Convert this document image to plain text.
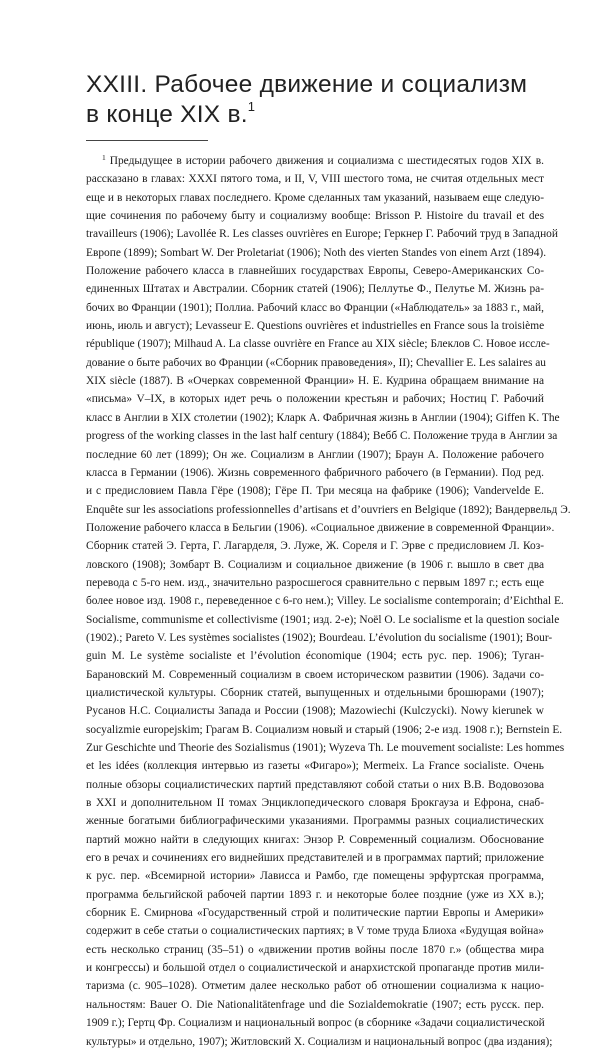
XXIII. Рабочее движение и социализм
в конце XIX в.$^1$
$^1$ Предыдущее в истории рабочего движения и социализма с шестидесятых годов XIX в.
рассказано в главах: XXXI пятого тома, и II, V, VIII шестого тома, не считая отдельных мест
еще и в некоторых главах последнего. Кроме сделанных там указаний, называем еще следую-
щие сочинения по рабочему быту и социализму вообще: Brisson P. Histoire du travail et des
travailleurs (1906); Lavollée R. Les classes ouvrières en Europe; Геркнер Г. Рабочий труд в Западной
Европе (1899); Sombart W. Der Proletariat (1906); Noth des vierten Standes von einem Arzt (1894).
Положение рабочего класса в главнейших государствах Европы, Северо-Американских Со-
единенных Штатах и Австралии. Сборник статей (1906); Пеллутье Ф., Пелутье М. Жизнь ра-
бочих во Франции (1901); Поллиа. Рабочий класс во Франции («Наблюдатель» за 1883 г., май,
июнь, июль и август); Levasseur E. Questions ouvrières et industrielles en France sous la troisième
république (1907); Milhaud A. La classe ouvrière en France au XIX siècle; Блеклов С. Новое иссле-
дование о быте рабочих во Франции («Сборник правоведения», II); Chevallier E. Les salaires au
XIX siècle (1887). В «Очерках современной Франции» Н. Е. Кудрина обращаем внимание на
«письма» V–IX, в которых идет речь о положении крестьян и рабочих; Ностиц Г. Рабочий
класс в Англии в XIX столетии (1902); Кларк А. Фабричная жизнь в Англии (1904); Giffen K. The
progress of the working classes in the last half century (1884); Вебб С. Положение труда в Англии за
последние 60 лет (1899); Он же. Социализм в Англии (1907); Браун А. Положение рабочего
класса в Германии (1906). Жизнь современного фабричного рабочего (в Германии). Под ред.
и с предисловием Павла Гёре (1908); Гёре П. Три месяца на фабрике (1906); Vandervelde E.
Enquête sur les associations professionnelles d’artisans et d’ouvriers en Belgique (1892); Вандервельд Э.
Положение рабочего класса в Бельгии (1906). «Социальное движение в современной Франции».
Сборник статей Э. Герта, Г. Лагарделя, Э. Луже, Ж. Сореля и Г. Эрве с предисловием Л. Коз-
ловского (1908); Зомбарт В. Социализм и социальное движение (в 1906 г. вышло в свет два
перевода с 5-го нем. изд., значительно разросшегося сравнительно с первым 1897 г.; есть еще
более новое изд. 1908 г., переведенное с 6-го нем.); Villey. Le socialisme contemporain; d’Eichthal E.
Socialisme, communisme et collectivisme (1901; изд. 2-е); Noël O. Le socialisme et la question sociale
(1902).; Pareto V. Les systèmes socialistes (1902); Bourdeau. L’évolution du socialisme (1901); Bour-
guin M. Le système socialiste et l’évolution économique (1904; есть рус. пер. 1906); Туган-
Барановский М. Современный социализм в своем историческом развитии (1906). Задачи со-
циалистической культуры. Сборник статей, выпущенных и отдельными брошюрами (1907);
Русанов Н.С. Социалисты Запада и России (1908); Mazowiechi (Kulczycki). Nowy kierunek w
socyalizmie europejskim; Грагам В. Социализм новый и старый (1906; 2-е изд. 1908 г.); Bernstein E.
Zur Geschichte und Theorie des Sozialismus (1901); Wyzeva Th. Le mouvement socialiste: Les hommes
et les idées (коллекция интервью из газеты «Фигаро»); Mermeix. La France socialiste. Очень
полные обзоры социалистических партий представляют собой статьи о них В.В. Водовозова
в XXI и дополнительном II томах Энциклопедического словаря Брокгауза и Ефрона, снаб-
женные богатыми библиографическими указаниями. Программы разных социалистических
партий можно найти в следующих книгах: Энзор Р. Современный социализм. Обоснование
его в речах и сочинениях его виднейших представителей и в программах партий; приложение
к рус. пер. «Всемирной истории» Лависса и Рамбо, где помещены эрфуртская программа,
программа бельгийской рабочей партии 1893 г. и некоторые более поздние (уже из XX в.);
сборник Е. Смирнова «Государственный строй и политические партии Европы и Америки»
содержит в себе статьи о социалистических партиях; в V томе труда Блиоха «Будущая война»
есть несколько страниц (35–51) о «движении против войны после 1870 г.» (общества мира
и конгрессы) и большой отдел о социалистической и анархистской пропаганде против мили-
таризма (с. 905–1028). Отметим далее несколько работ об отношении социализма к нацио-
нальностям: Bauer O. Die Nationalitätenfrage und die Sozialdemokratie (1907; есть русск. пер.
1909 г.); Гертц Фр. Социализм и национальный вопрос (в сборнике «Задачи социалистической
культуры» и отдельно, 1907); Житловский Х. Социализм и национальный вопрос (два издания);
